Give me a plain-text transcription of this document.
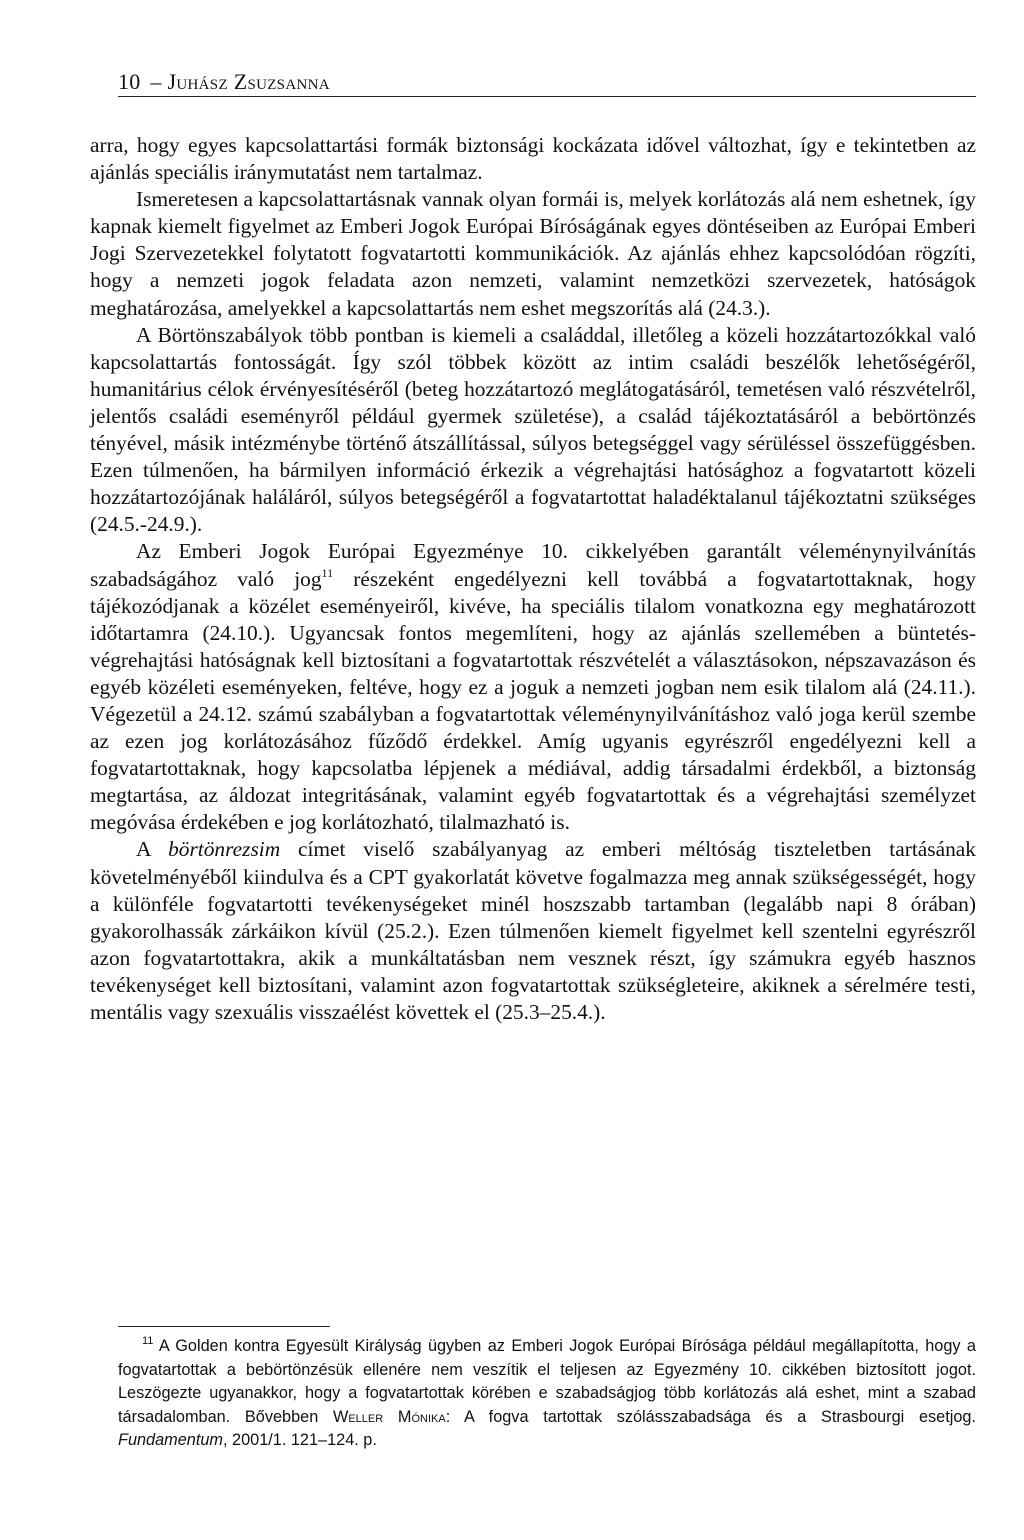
10 – Juhász Zsuzsanna

arra, hogy egyes kapcsolattartási formák biztonsági kockázata idővel változhat, így e tekintetben az ajánlás speciális iránymutatást nem tartalmaz.

Ismeretesen a kapcsolattartásnak vannak olyan formái is, melyek korlátozás alá nem eshetnek, így kapnak kiemelt figyelmet az Emberi Jogok Európai Bíróságának egyes döntéseiben az Európai Emberi Jogi Szervezetekkel folytatott fogvatartotti kommunikációk. Az ajánlás ehhez kapcsolódóan rögzíti, hogy a nemzeti jogok feladata azon nemzeti, valamint nemzetközi szervezetek, hatóságok meghatározása, amelyekkel a kapcsolattartás nem eshet megszorítás alá (24.3.).

A Börtönszabályok több pontban is kiemeli a családdal, illetőleg a közeli hozzátartozókkal való kapcsolattartás fontosságát. Így szól többek között az intim családi beszélők lehetőségéről, humanitárius célok érvényesítéséről (beteg hozzátartozó meglátogatásáról, temetésen való részvételről, jelentős családi eseményről például gyermek születése), a család tájékoztatásáról a bebörtönzés tényével, másik intézménybe történő átszállítással, súlyos betegséggel vagy sérüléssel összefüggésben. Ezen túlmenően, ha bármilyen információ érkezik a végrehajtási hatósághoz a fogvatartott közeli hozzátartozójának haláláról, súlyos betegségéről a fogvatartottat haladéktalanul tájékoztatni szükséges (24.5.-24.9.).

Az Emberi Jogok Európai Egyezménye 10. cikkelyében garantált véleménynyilvánítás szabadságához való jog$^{11}$ részeként engedélyezni kell továbbá a fogvatartottaknak, hogy tájékozódjanak a közélet eseményeiről, kivéve, ha speciális tilalom vonatkozna egy meghatározott időtartamra (24.10.). Ugyancsak fontos megemlíteni, hogy az ajánlás szellemében a büntetés-végrehajtási hatóságnak kell biztosítani a fogvatartottak részvételét a választásokon, népszavazáson és egyéb közéleti eseményeken, feltéve, hogy ez a joguk a nemzeti jogban nem esik tilalom alá (24.11.). Végezetül a 24.12. számú szabályban a fogvatartottak véleménynyilvánításhoz való joga kerül szembe az ezen jog korlátozásához fűződő érdekkel. Amíg ugyanis egyrészről engedélyezni kell a fogvatartottaknak, hogy kapcsolatba lépjenek a médiával, addig társadalmi érdekből, a biztonság megtartása, az áldozat integritásának, valamint egyéb fogvatartottak és a végrehajtási személyzet megóvása érdekében e jog korlátozható, tilalmazható is.

A börtönrezsim címet viselő szabályanyag az emberi méltóság tiszteletben tartásának követelményéből kiindulva és a CPT gyakorlatát követve fogalmazza meg annak szükségességét, hogy a különféle fogvatartotti tevékenységeket minél hoszszabb tartamban (legalább napi 8 órában) gyakorolhassák zárkáikon kívül (25.2.). Ezen túlmenően kiemelt figyelmet kell szentelni egyrészről azon fogvatartottakra, akik a munkáltatásban nem vesznek részt, így számukra egyéb hasznos tevékenységet kell biztosítani, valamint azon fogvatartottak szükségleteire, akiknek a sérelmére testi, mentális vagy szexuális visszaélést követtek el (25.3–25.4.).

$^{11}$ A Golden kontra Egyesült Királyság ügyben az Emberi Jogok Európai Bírósága például megállapította, hogy a fogvatartottak a bebörtönzésük ellenére nem veszítik el teljesen az Egyezmény 10. cikkében biztosított jogot. Leszögezte ugyanakkor, hogy a fogvatartottak körében e szabadságjog több korlátozás alá eshet, mint a szabad társadalomban. Bővebben Weller Mónika: A fogva tartottak szólásszabadsága és a Strasbourgi esetjog. Fundamentum, 2001/1. 121–124. p.
